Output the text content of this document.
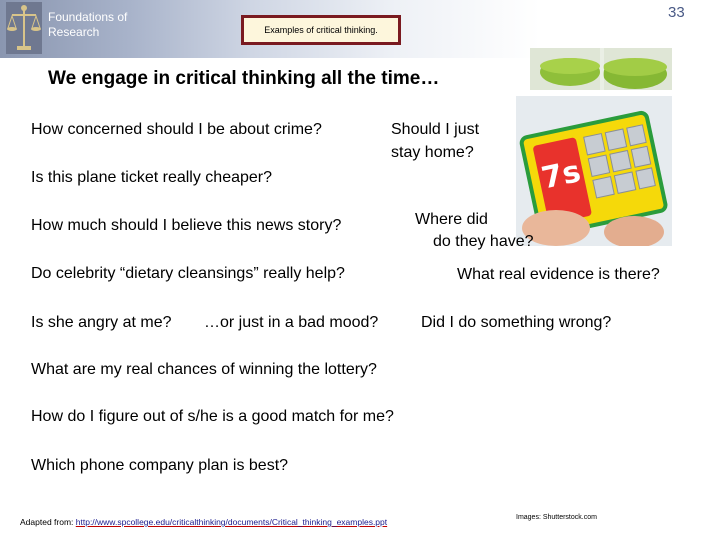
Foundations of Research	Examples of critical thinking.
33
7s
We engage in critical thinking all the time…
How concerned should I be about crime?	Should I just
stay home?
Is this plane ticket really cheaper?
How much should I believe this news story?	Where did
do they have?
Do celebrity “dietary cleansings” really help?	What real evidence is there?
Is she angry at me? …or just in a bad mood?	Did I do something wrong?
What are my real chances of winning the lottery?
How do I figure out of s/he is a good match for me?
Which phone company plan is best?
Adapted from: http://www.spcollege.edu/criticalthinking/documents/Critical_thinking_examples.ppt	Images: Shutterstock.com
